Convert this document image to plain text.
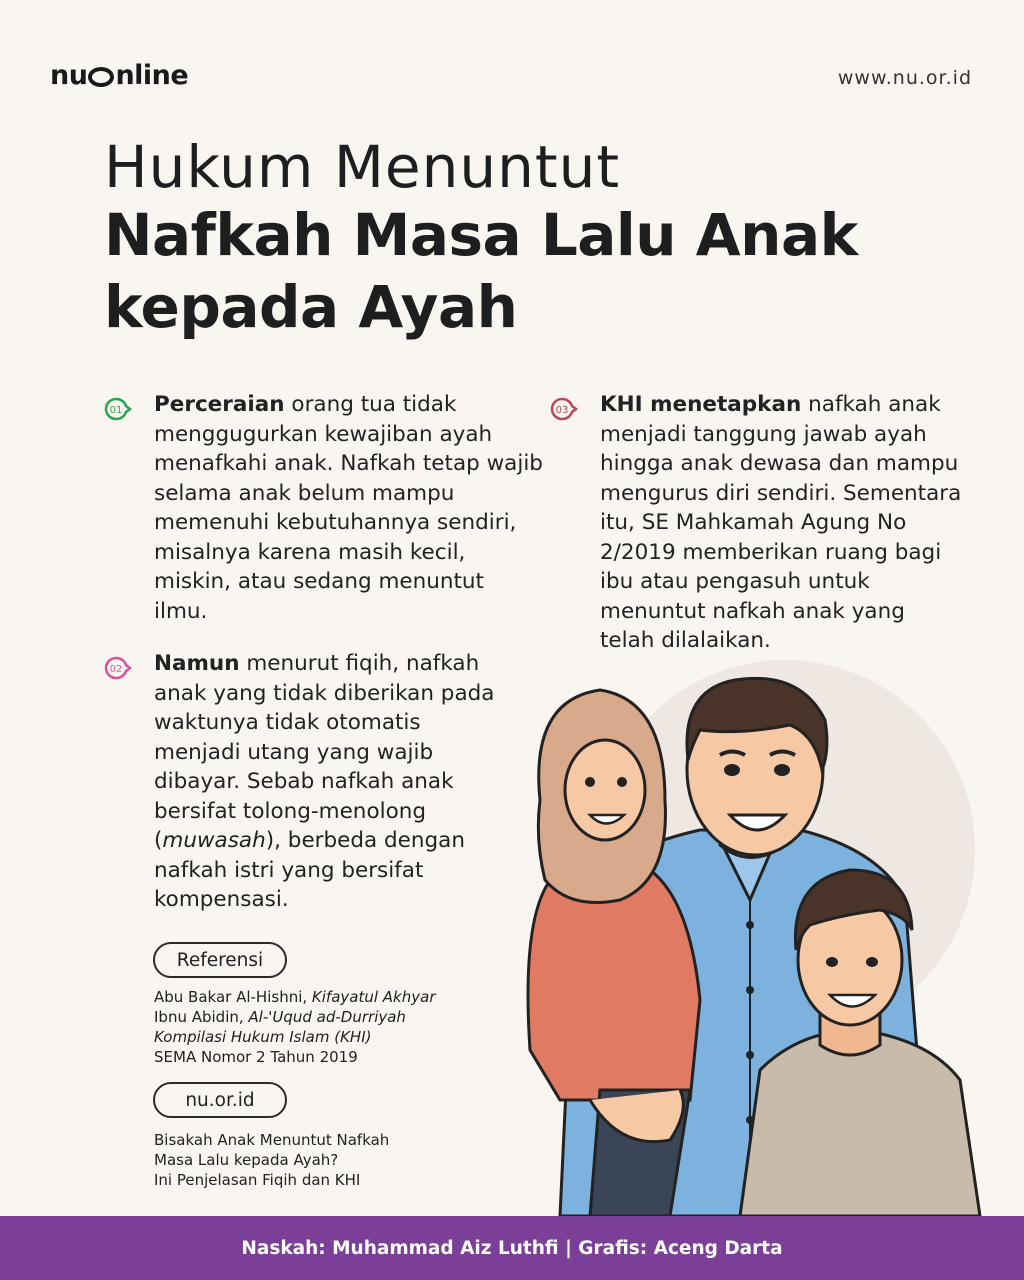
nu nline	www.nu.or.id
Hukum Menuntut
Nafkah Masa Lalu Anak
kepada Ayah
01 Perceraian orang tua tidak menggugurkan kewajiban ayah menafkahi anak. Nafkah tetap wajib selama anak belum mampu memenuhi kebutuhannya sendiri, misalnya karena masih kecil, miskin, atau sedang menuntut ilmu.
02 Namun menurut fiqih, nafkah anak yang tidak diberikan pada waktunya tidak otomatis menjadi utang yang wajib dibayar. Sebab nafkah anak bersifat tolong-menolong (muwasah), berbeda dengan nafkah istri yang bersifat kompensasi.
03 KHI menetapkan nafkah anak menjadi tanggung jawab ayah hingga anak dewasa dan mampu mengurus diri sendiri. Sementara itu, SE Mahkamah Agung No 2/2019 memberikan ruang bagi ibu atau pengasuh untuk menuntut nafkah anak yang telah dilalaikan.
Referensi
Abu Bakar Al-Hishni, Kifayatul Akhyar
Ibnu Abidin, Al-'Uqud ad-Durriyah
Kompilasi Hukum Islam (KHI)
SEMA Nomor 2 Tahun 2019
nu.or.id
Bisakah Anak Menuntut Nafkah
Masa Lalu kepada Ayah?
Ini Penjelasan Fiqih dan KHI
Naskah: Muhammad Aiz Luthfi | Grafis: Aceng Darta
